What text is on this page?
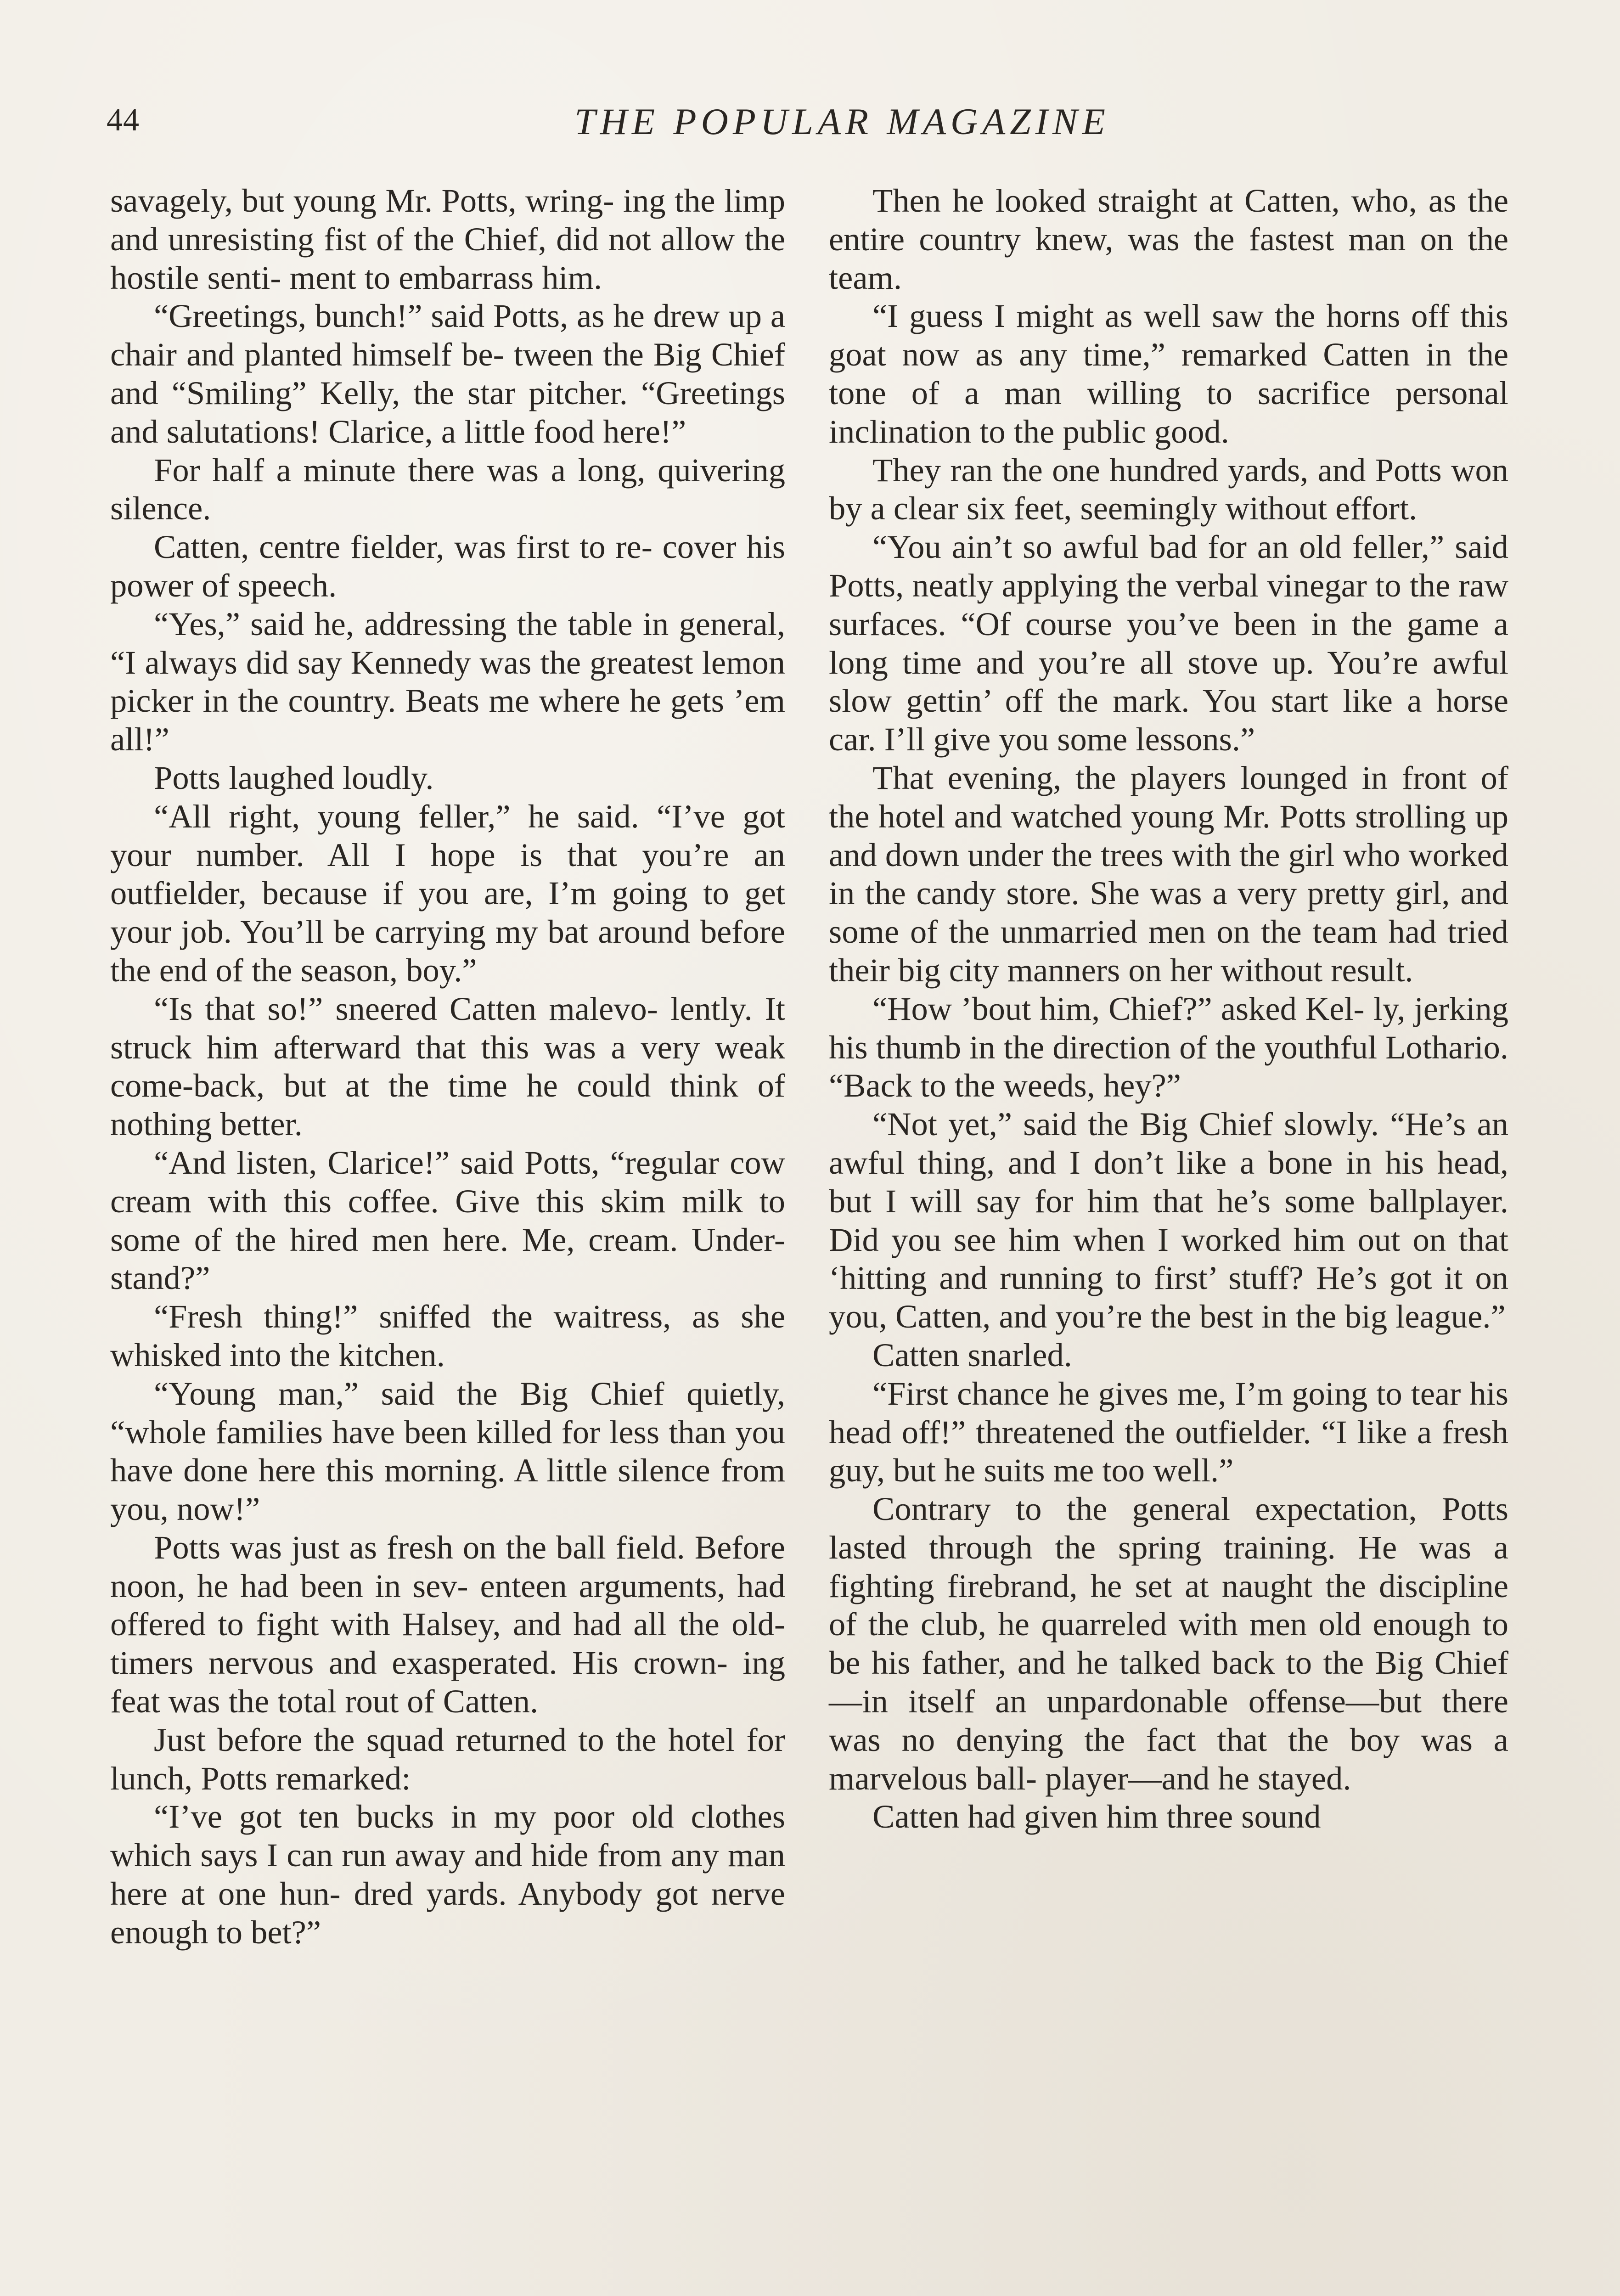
44	THE POPULAR MAGAZINE

savagely, but young Mr. Potts, wring- ing the limp and unresisting fist of the Chief, did not allow the hostile senti- ment to embarrass him.

“Greetings, bunch!” said Potts, as he drew up a chair and planted himself be- tween the Big Chief and “Smiling” Kelly, the star pitcher. “Greetings and salutations! Clarice, a little food here!”

For half a minute there was a long, quivering silence.

Catten, centre fielder, was first to re- cover his power of speech.

“Yes,” said he, addressing the table in general, “I always did say Kennedy was the greatest lemon picker in the country. Beats me where he gets ’em all!”

Potts laughed loudly.

“All right, young feller,” he said. “I’ve got your number. All I hope is that you’re an outfielder, because if you are, I’m going to get your job. You’ll be carrying my bat around before the end of the season, boy.”

“Is that so!” sneered Catten malevo- lently. It struck him afterward that this was a very weak come-back, but at the time he could think of nothing better.

“And listen, Clarice!” said Potts, “regular cow cream with this coffee. Give this skim milk to some of the hired men here. Me, cream. Under- stand?”

“Fresh thing!” sniffed the waitress, as she whisked into the kitchen.

“Young man,” said the Big Chief quietly, “whole families have been killed for less than you have done here this morning. A little silence from you, now!”

Potts was just as fresh on the ball field. Before noon, he had been in sev- enteen arguments, had offered to fight with Halsey, and had all the old-timers nervous and exasperated. His crown- ing feat was the total rout of Catten.

Just before the squad returned to the hotel for lunch, Potts remarked:

“I’ve got ten bucks in my poor old clothes which says I can run away and hide from any man here at one hun- dred yards. Anybody got nerve enough to bet?”

Then he looked straight at Catten, who, as the entire country knew, was the fastest man on the team.

“I guess I might as well saw the horns off this goat now as any time,” remarked Catten in the tone of a man willing to sacrifice personal inclination to the public good.

They ran the one hundred yards, and Potts won by a clear six feet, seemingly without effort.

“You ain’t so awful bad for an old feller,” said Potts, neatly applying the verbal vinegar to the raw surfaces. “Of course you’ve been in the game a long time and you’re all stove up. You’re awful slow gettin’ off the mark. You start like a horse car. I’ll give you some lessons.”

That evening, the players lounged in front of the hotel and watched young Mr. Potts strolling up and down under the trees with the girl who worked in the candy store. She was a very pretty girl, and some of the unmarried men on the team had tried their big city manners on her without result.

“How ’bout him, Chief?” asked Kel- ly, jerking his thumb in the direction of the youthful Lothario. “Back to the weeds, hey?”

“Not yet,” said the Big Chief slowly. “He’s an awful thing, and I don’t like a bone in his head, but I will say for him that he’s some ballplayer. Did you see him when I worked him out on that ‘hitting and running to first’ stuff? He’s got it on you, Catten, and you’re the best in the big league.”

Catten snarled.

“First chance he gives me, I’m going to tear his head off!” threatened the outfielder. “I like a fresh guy, but he suits me too well.”

Contrary to the general expectation, Potts lasted through the spring training. He was a fighting firebrand, he set at naught the discipline of the club, he quarreled with men old enough to be his father, and he talked back to the Big Chief—in itself an unpardonable offense—but there was no denying the fact that the boy was a marvelous ball- player—and he stayed.

Catten had given him three sound
